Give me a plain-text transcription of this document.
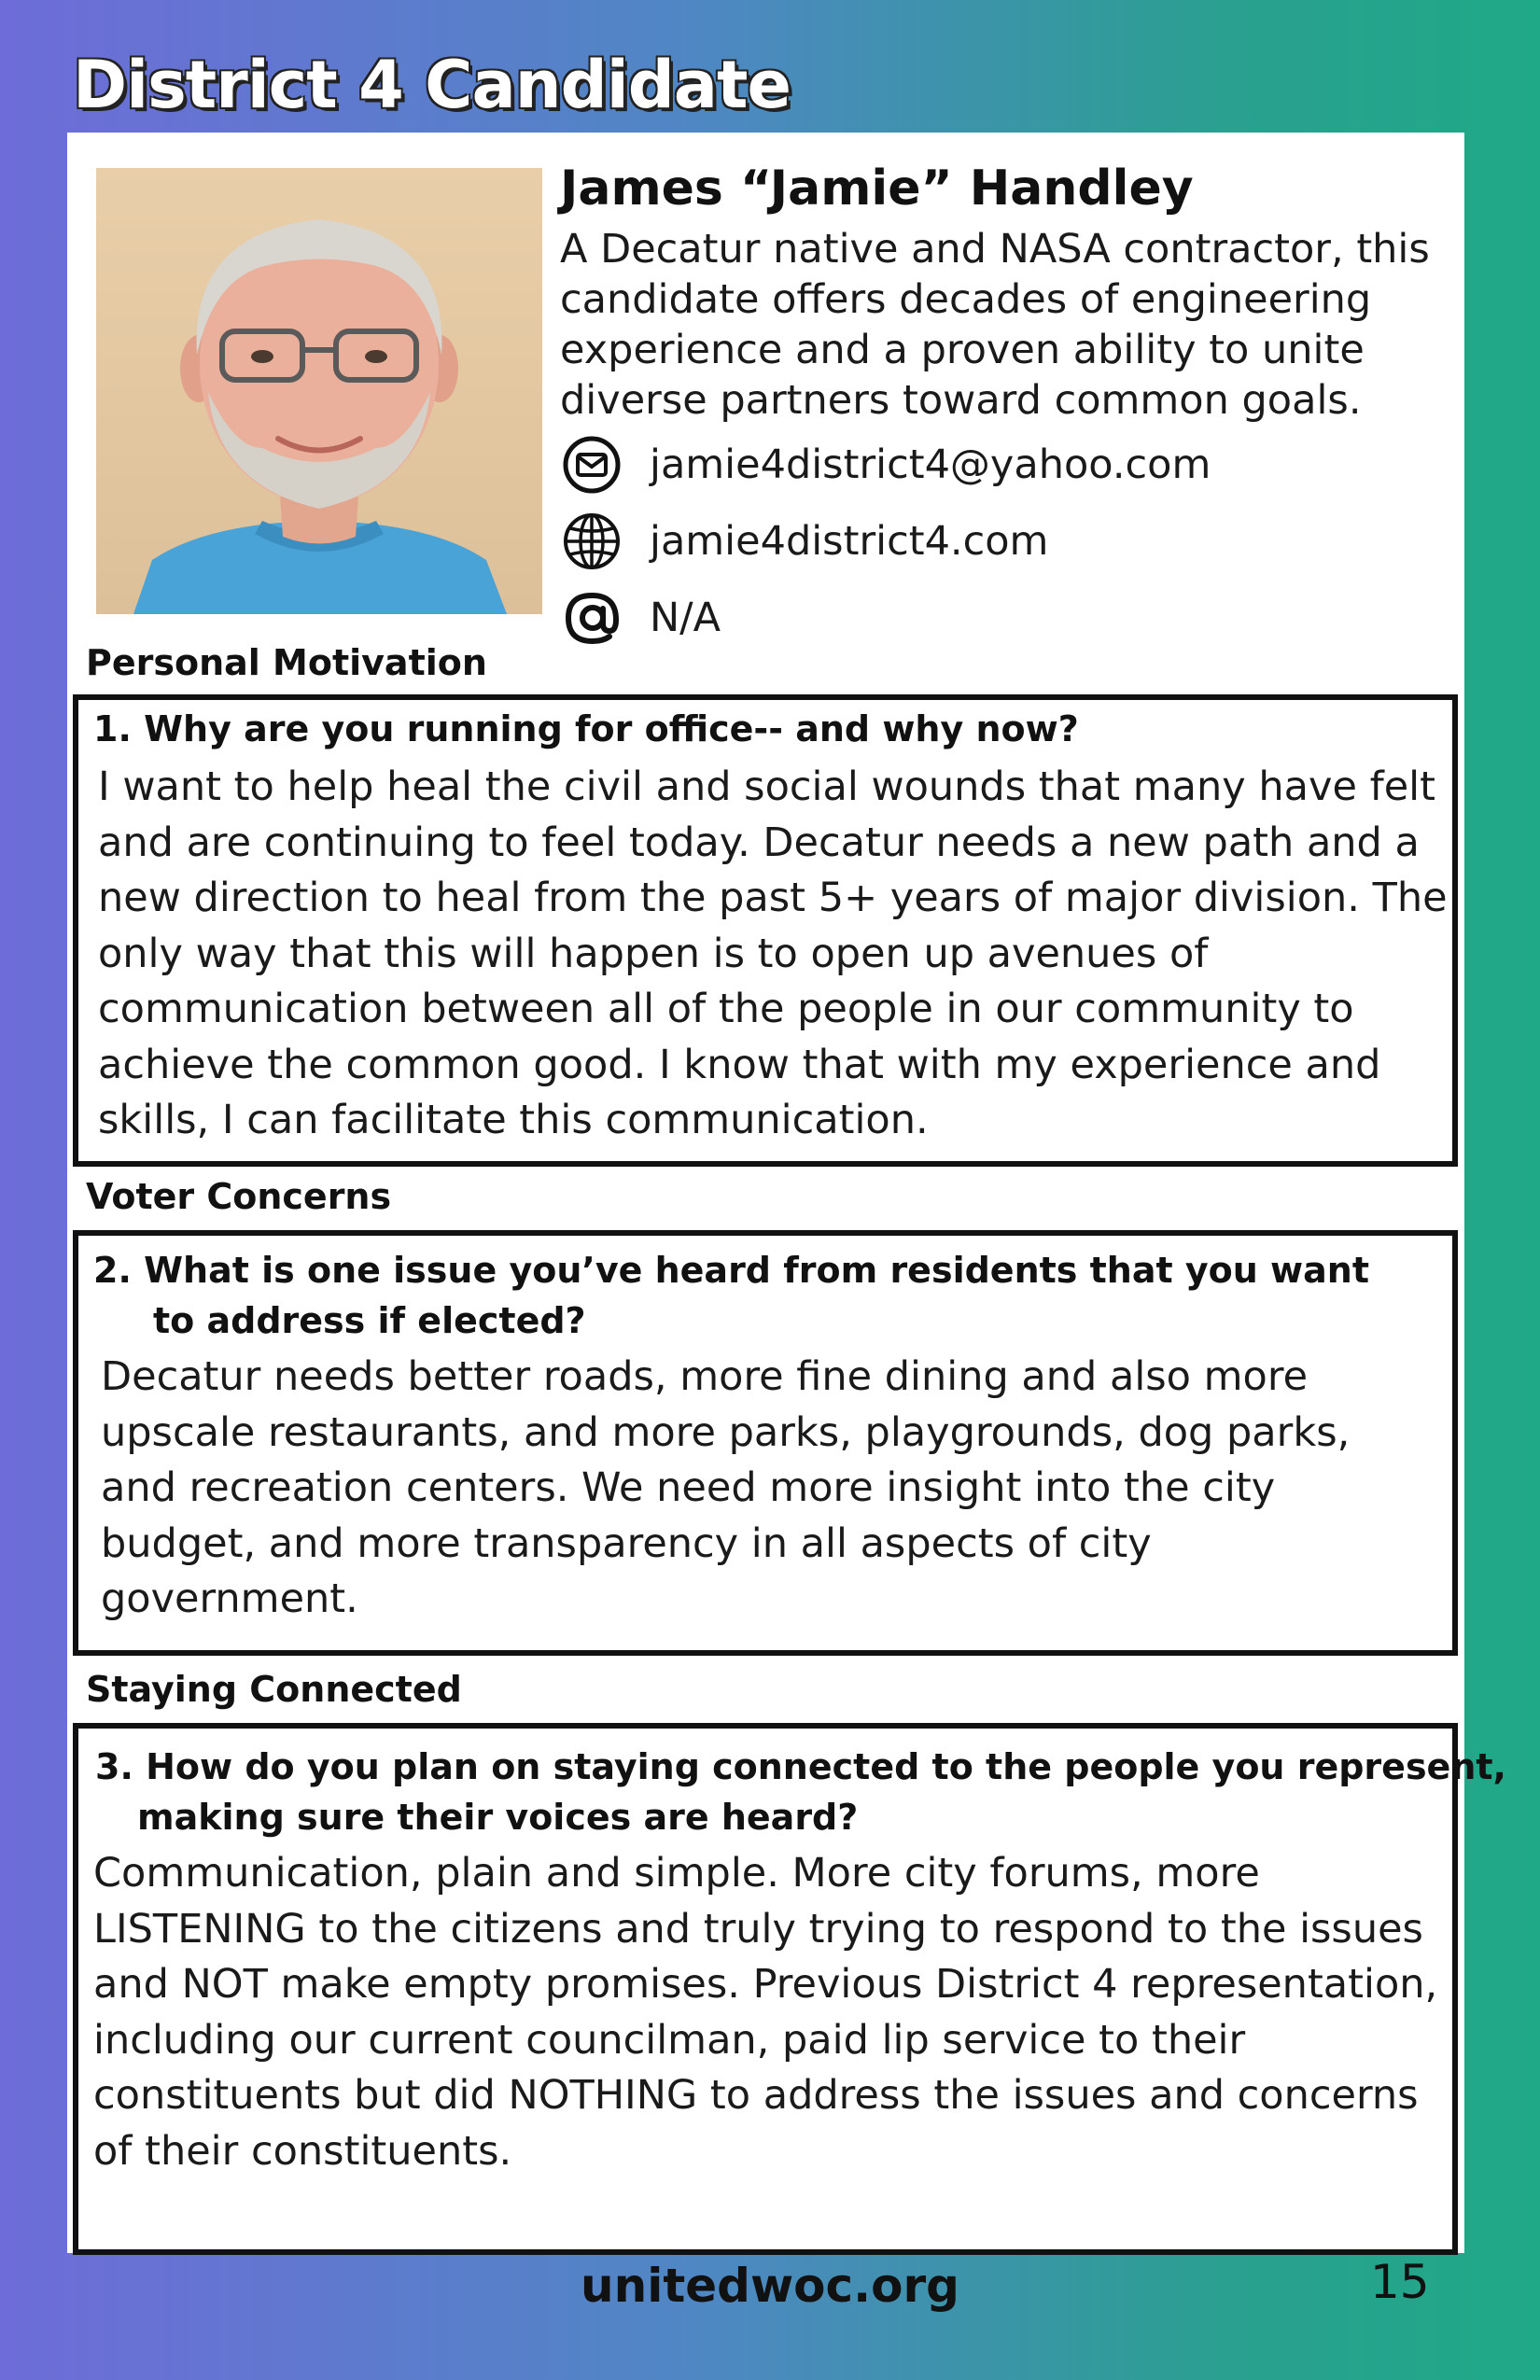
District 4 Candidate
James “Jamie” Handley
A Decatur native and NASA contractor, this candidate offers decades of engineering experience and a proven ability to unite diverse partners toward common goals.
jamie4district4@yahoo.com
jamie4district4.com
N/A
Personal Motivation
1. Why are you running for office-- and why now?
I want to help heal the civil and social wounds that many have felt
and are continuing to feel today. Decatur needs a new path and a
new direction to heal from the past 5+ years of major division. The
only way that this will happen is to open up avenues of
communication between all of the people in our community to
achieve the common good. I know that with my experience and
skills, I can facilitate this communication.
Voter Concerns
2. What is one issue you’ve heard from residents that you want
to address if elected?
Decatur needs better roads, more fine dining and also more
upscale restaurants, and more parks, playgrounds, dog parks,
and recreation centers. We need more insight into the city
budget, and more transparency in all aspects of city
government.
Staying Connected
3. How do you plan on staying connected to the people you represent,
making sure their voices are heard?
Communication, plain and simple. More city forums, more
LISTENING to the citizens and truly trying to respond to the issues
and NOT make empty promises. Previous District 4 representation,
including our current councilman, paid lip service to their
constituents but did NOTHING to address the issues and concerns
of their constituents.
unitedwoc.org	15
